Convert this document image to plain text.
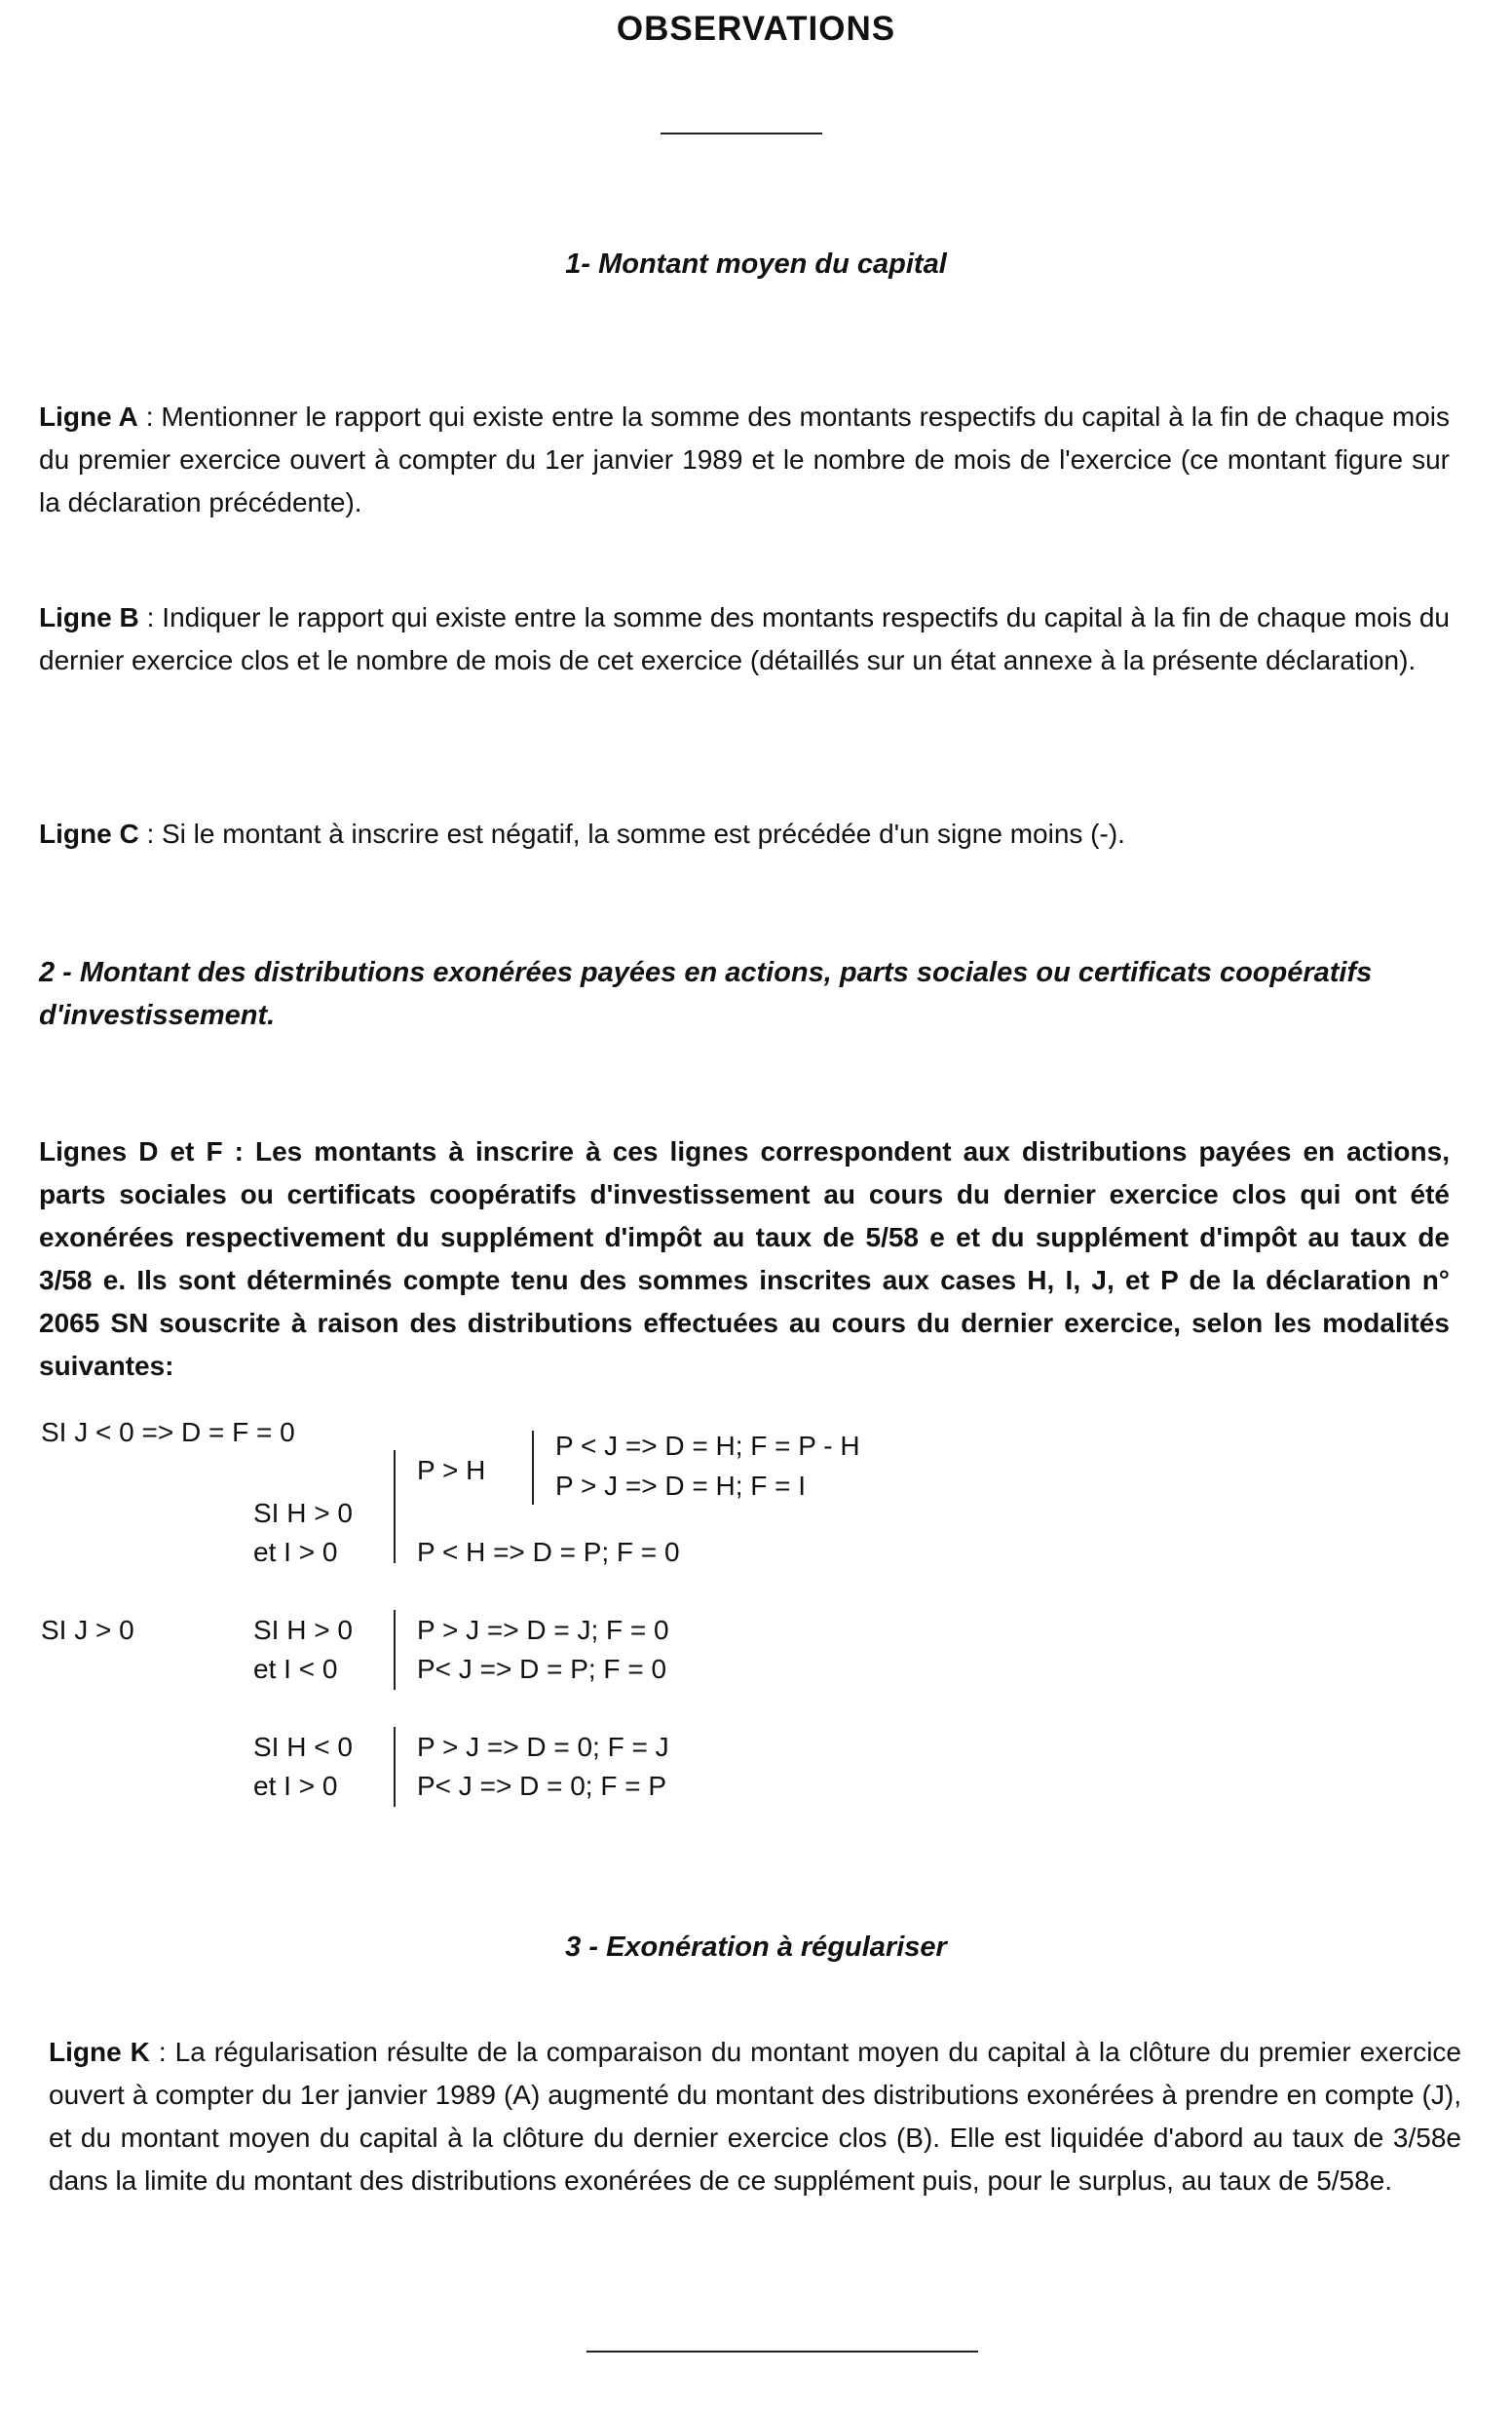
OBSERVATIONS
1- Montant moyen du capital
Ligne A : Mentionner le rapport qui existe entre la somme des montants respectifs du capital à la fin de chaque mois du premier exercice ouvert à compter du 1er janvier 1989 et le nombre de mois de l'exercice (ce montant figure sur la déclaration précédente).
Ligne B : Indiquer le rapport qui existe entre la somme des montants respectifs du capital à la fin de chaque mois du dernier exercice clos et le nombre de mois de cet exercice (détaillés sur un état annexe à la présente déclaration).
Ligne C : Si le montant à inscrire est négatif, la somme est précédée d'un signe moins (-).
2 - Montant des distributions exonérées payées en actions, parts sociales ou certificats coopératifs d'investissement.
Lignes D et F : Les montants à inscrire à ces lignes correspondent aux distributions payées en actions, parts sociales ou certificats coopératifs d'investissement au cours du dernier exercice clos qui ont été exonérées respectivement du supplément d'impôt au taux de 5/58 e et du supplément d'impôt au taux de 3/58 e. Ils sont déterminés compte tenu des sommes inscrites aux cases H, I, J, et P de la déclaration n° 2065 SN souscrite à raison des distributions effectuées au cours du dernier exercice, selon les modalités suivantes:
SI J < 0 => D = F = 0
P > H
P < J => D = H; F = P - H
P > J => D = H; F = I
SI H > 0
et I > 0	P < H => D = P; F = 0
SI J > 0	SI H > 0
et I < 0
P > J => D = J; F = 0
P< J => D = P; F = 0
SI H < 0
et I > 0
P > J => D = 0; F = J
P< J => D = 0; F = P
3 - Exonération à régulariser
Ligne K : La régularisation résulte de la comparaison du montant moyen du capital à la clôture du premier exercice ouvert à compter du 1er janvier 1989 (A) augmenté du montant des distributions exonérées à prendre en compte (J), et du montant moyen du capital à la clôture du dernier exercice clos (B). Elle est liquidée d'abord au taux de 3/58e dans la limite du montant des distributions exonérées de ce supplément puis, pour le surplus, au taux de 5/58e.
